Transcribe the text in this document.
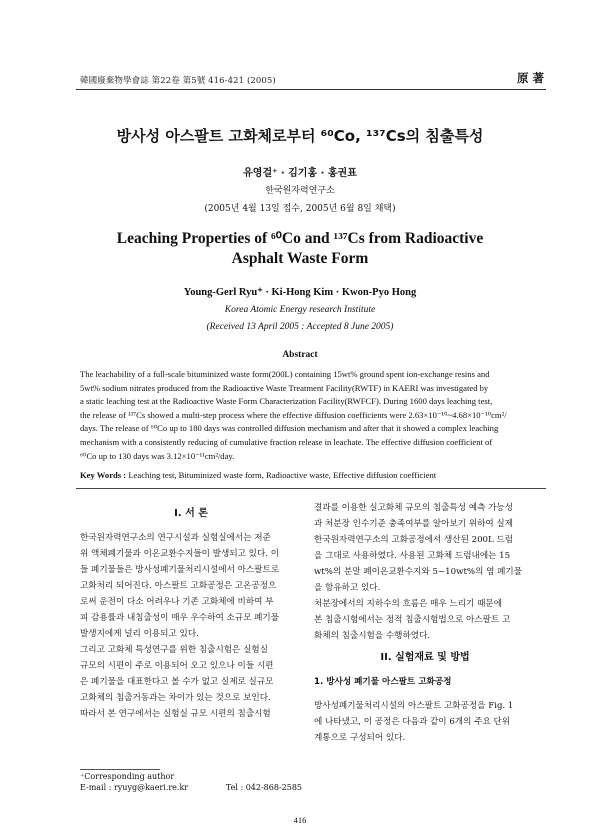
韓國廢棄物學會誌 第22卷 第5號 416-421 (2005)	原 著
방사성 아스팔트 고화체로부터 ⁶⁰Co, ¹³⁷Cs의 침출특성
유영걸⁺ · 김기홍 · 홍권표
한국원자력연구소
(2005년 4월 13일 접수, 2005년 6월 8일 채택)
Leaching Properties of ⁶⁰Co and ¹³⁷Cs from Radioactive
Asphalt Waste Form
Young-Gerl Ryu⁺ · Ki-Hong Kim · Kwon-Pyo Hong
Korea Atomic Energy research Institute
(Received 13 April 2005 : Accepted 8 June 2005)
Abstract
The leachability of a full-scale bituminized waste form(200L) containing 15wt% ground spent ion-exchange resins and
5wt% sodium nitrates produced from the Radioactive Waste Treatment Facility(RWTF) in KAERI was investigated by
a static leaching test at the Radioactive Waste Form Characterization Facility(RWFCF). During 1600 days leaching test,
the release of ¹³⁷Cs showed a multi-step process where the effective diffusion coefficients were 2.63×10⁻¹⁰~4.68×10⁻¹⁰cm²/
days. The release of ⁶⁰Co up to 180 days was controlled diffusion mechanism and after that it showed a complex leaching
mechanism with a consistently reducing of cumulative fraction release in leachate. The effective diffusion coefficient of
⁶⁰Co up to 130 days was 3.12×10⁻¹¹cm²/day.
Key Words : Leaching test, Bituminized waste form, Radioactive waste, Effective diffusion coefficient
I. 서 론
한국원자력연구소의 연구시설과 실험실에서는 저준
위 액체폐기물과 이온교환수지들이 발생되고 있다. 이
들 폐기물들은 방사성폐기물처리시설에서 아스팔트로
고화처리 되어진다. 아스팔트 고화공정은 고온공정으
로써 운전이 다소 어려우나 기존 고화체에 비하여 부
피 감용률과 내침출성이 매우 우수하여 소규모 폐기물
발생지에게 널리 이용되고 있다.
그리고 고화체 특성연구를 위한 침출시험은 실험실
규모의 시편이 주로 이용되어 오고 있으나 이들 시편
은 폐기물을 대표한다고 볼 수가 없고 실제로 실규모
고화체의 침출거동과는 차이가 있는 것으로 보인다.
따라서 본 연구에서는 실험실 규모 시편의 침출시험
결과를 이용한 실고화체 규모의 침출특성 예측 가능성
과 처분장 인수기준 충족여부를 알아보기 위하여 실제
한국원자력연구소의 고화공정에서 생산된 200L 드럼
을 그대로 사용하였다. 사용된 고화체 드럼내에는 15
wt%의 분말 폐이온교환수지와 5~10wt%의 염 폐기물
을 함유하고 있다.
처분장에서의 지하수의 흐름은 매우 느리기 때문에
본 침출시험에서는 정적 침출시험법으로 아스팔트 고
화체의 침출시험을 수행하였다.
II. 실험재료 및 방법
1. 방사성 폐기물 아스팔트 고화공정
방사성폐기물처리시설의 아스팔트 고화공정을 Fig. 1
에 나타냈고, 이 공정은 다음과 같이 6개의 주요 단위
계통으로 구성되어 있다.
⁺Corresponding author
E-mail : ryuyg@kaeri.re.kr	Tel : 042-868-2585
416
